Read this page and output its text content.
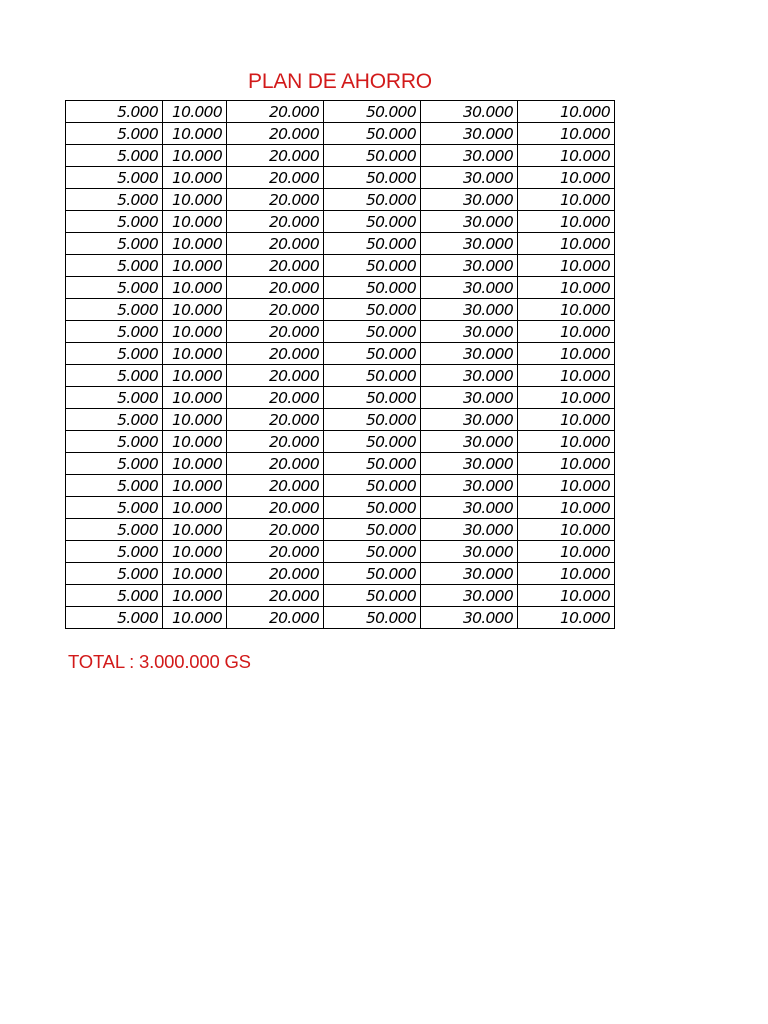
PLAN DE AHORRO
5.000	10.000	20.000	50.000	30.000	10.000
5.000	10.000	20.000	50.000	30.000	10.000
5.000	10.000	20.000	50.000	30.000	10.000
5.000	10.000	20.000	50.000	30.000	10.000
5.000	10.000	20.000	50.000	30.000	10.000
5.000	10.000	20.000	50.000	30.000	10.000
5.000	10.000	20.000	50.000	30.000	10.000
5.000	10.000	20.000	50.000	30.000	10.000
5.000	10.000	20.000	50.000	30.000	10.000
5.000	10.000	20.000	50.000	30.000	10.000
5.000	10.000	20.000	50.000	30.000	10.000
5.000	10.000	20.000	50.000	30.000	10.000
5.000	10.000	20.000	50.000	30.000	10.000
5.000	10.000	20.000	50.000	30.000	10.000
5.000	10.000	20.000	50.000	30.000	10.000
5.000	10.000	20.000	50.000	30.000	10.000
5.000	10.000	20.000	50.000	30.000	10.000
5.000	10.000	20.000	50.000	30.000	10.000
5.000	10.000	20.000	50.000	30.000	10.000
5.000	10.000	20.000	50.000	30.000	10.000
5.000	10.000	20.000	50.000	30.000	10.000
5.000	10.000	20.000	50.000	30.000	10.000
5.000	10.000	20.000	50.000	30.000	10.000
5.000	10.000	20.000	50.000	30.000	10.000
TOTAL : 3.000.000 GS
